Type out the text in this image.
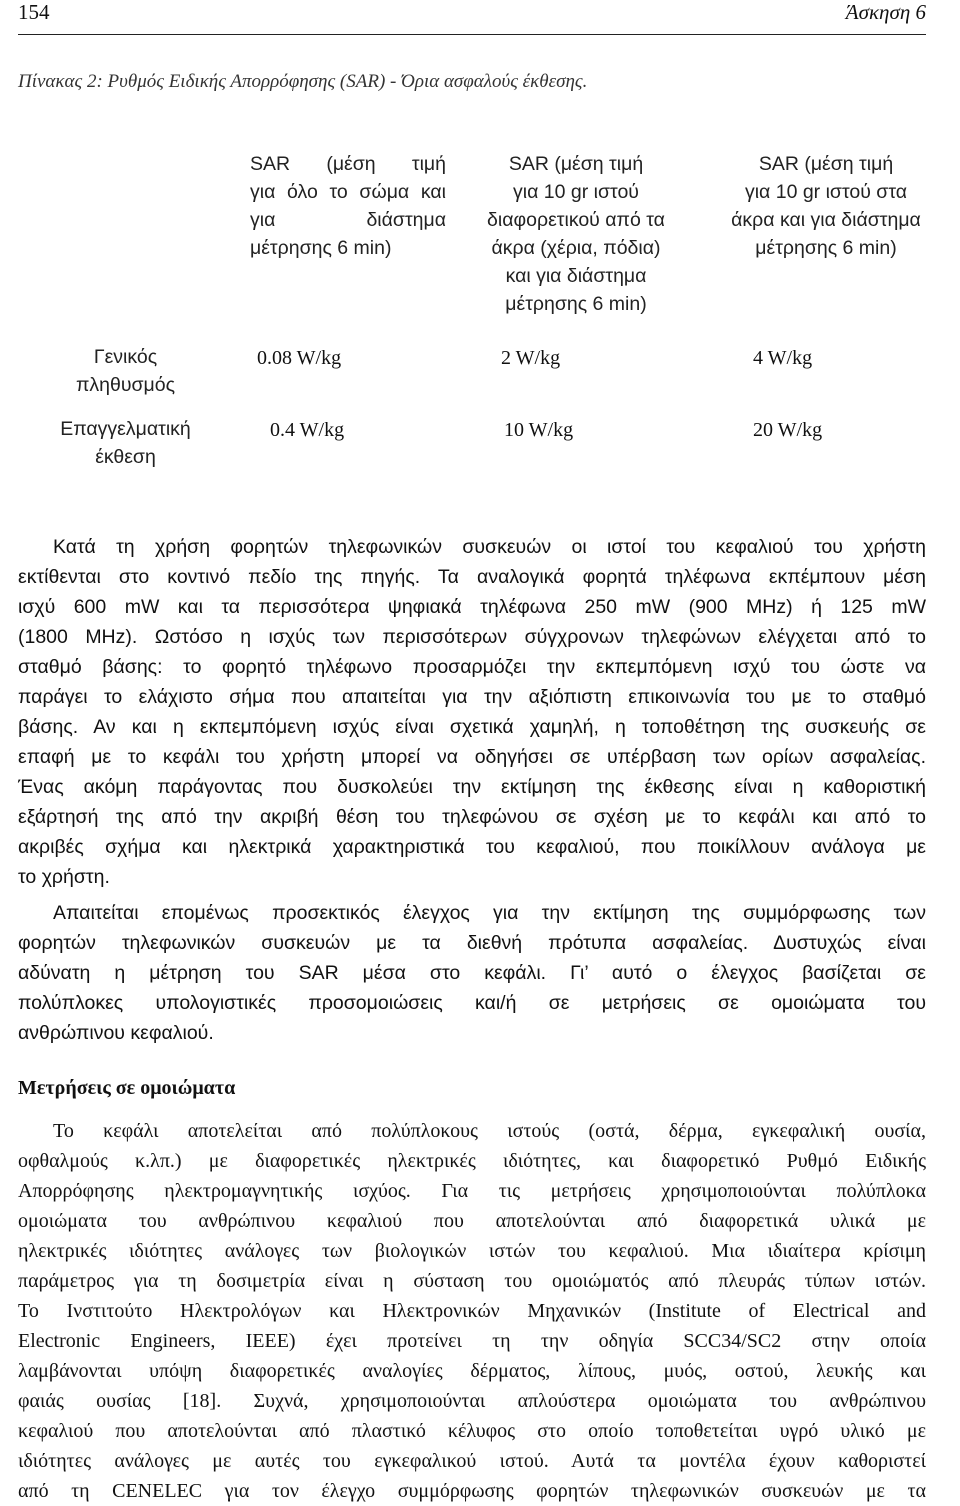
154	Άσκηση 6
Πίνακας 2: Ρυθμός Ειδικής Απορρόφησης (SAR) - Όρια ασφαλούς έκθεσης.
SAR (μέση τιμή
για όλο το σώμα και
για διάστημα
μέτρησης 6 min)
SAR (μέση τιμή
για 10 gr ιστού
διαφορετικού από τα
άκρα (χέρια, πόδια)
και για διάστημα
μέτρησης 6 min)
SAR (μέση τιμή
για 10 gr ιστού στα
άκρα και για διάστημα
μέτρησης 6 min)
Γενικός
πληθυσμός
0.08 W/kg	2 W/kg	4 W/kg
Επαγγελματική
έκθεση
0.4 W/kg	10 W/kg	20 W/kg

Κατά τη χρήση φορητών τηλεφωνικών συσκευών οι ιστοί του κεφαλιού του χρήστη
εκτίθενται στο κοντινό πεδίο της πηγής. Τα αναλογικά φορητά τηλέφωνα εκπέμπουν μέση
ισχύ 600 mW και τα περισσότερα ψηφιακά τηλέφωνα 250 mW (900 MHz) ή 125 mW
(1800 MHz). Ωστόσο η ισχύς των περισσότερων σύγχρονων τηλεφώνων ελέγχεται από το
σταθμό βάσης: το φορητό τηλέφωνο προσαρμόζει την εκπεμπόμενη ισχύ του ώστε να
παράγει το ελάχιστο σήμα που απαιτείται για την αξιόπιστη επικοινωνία του με το σταθμό
βάσης. Αν και η εκπεμπόμενη ισχύς είναι σχετικά χαμηλή, η τοποθέτηση της συσκευής σε
επαφή με το κεφάλι του χρήστη μπορεί να οδηγήσει σε υπέρβαση των ορίων ασφαλείας.
Ένας ακόμη παράγοντας που δυσκολεύει την εκτίμηση της έκθεσης είναι η καθοριστική
εξάρτησή της από την ακριβή θέση του τηλεφώνου σε σχέση με το κεφάλι και από το
ακριβές σχήμα και ηλεκτρικά χαρακτηριστικά του κεφαλιού, που ποικίλλουν ανάλογα με
το χρήστη.

Απαιτείται επομένως προσεκτικός έλεγχος για την εκτίμηση της συμμόρφωσης των
φορητών τηλεφωνικών συσκευών με τα διεθνή πρότυπα ασφαλείας. Δυστυχώς είναι
αδύνατη η μέτρηση του SAR μέσα στο κεφάλι. Γι’ αυτό ο έλεγχος βασίζεται σε
πολύπλοκες υπολογιστικές προσομοιώσεις και/ή σε μετρήσεις σε ομοιώματα του
ανθρώπινου κεφαλιού.

Μετρήσεις σε ομοιώματα

Το κεφάλι αποτελείται από πολύπλοκους ιστούς (οστά, δέρμα, εγκεφαλική ουσία,
οφθαλμούς κ.λπ.) με διαφορετικές ηλεκτρικές ιδιότητες, και διαφορετικό Ρυθμό Ειδικής
Απορρόφησης ηλεκτρομαγνητικής ισχύος. Για τις μετρήσεις χρησιμοποιούνται πολύπλοκα
ομοιώματα του ανθρώπινου κεφαλιού που αποτελούνται από διαφορετικά υλικά με
ηλεκτρικές ιδιότητες ανάλογες των βιολογικών ιστών του κεφαλιού. Μια ιδιαίτερα κρίσιμη
παράμετρος για τη δοσιμετρία είναι η σύσταση του ομοιώματός από πλευράς τύπων ιστών.
Το Ινστιτούτο Ηλεκτρολόγων και Ηλεκτρονικών Μηχανικών (Institute of Electrical and
Electronic Engineers, IEEE) έχει προτείνει τη την οδηγία SCC34/SC2 στην οποία
λαμβάνονται υπόψη διαφορετικές αναλογίες δέρματος, λίπους, μυός, οστού, λευκής και
φαιάς ουσίας [18]. Συχνά, χρησιμοποιούνται απλούστερα ομοιώματα του ανθρώπινου
κεφαλιού που αποτελούνται από πλαστικό κέλυφος στο οποίο τοποθετείται υγρό υλικό με
ιδιότητες ανάλογες με αυτές του εγκεφαλικού ιστού. Αυτά τα μοντέλα έχουν καθοριστεί
από τη CENELEC για τον έλεγχο συμμόρφωσης φορητών τηλεφωνικών συσκευών με τα
